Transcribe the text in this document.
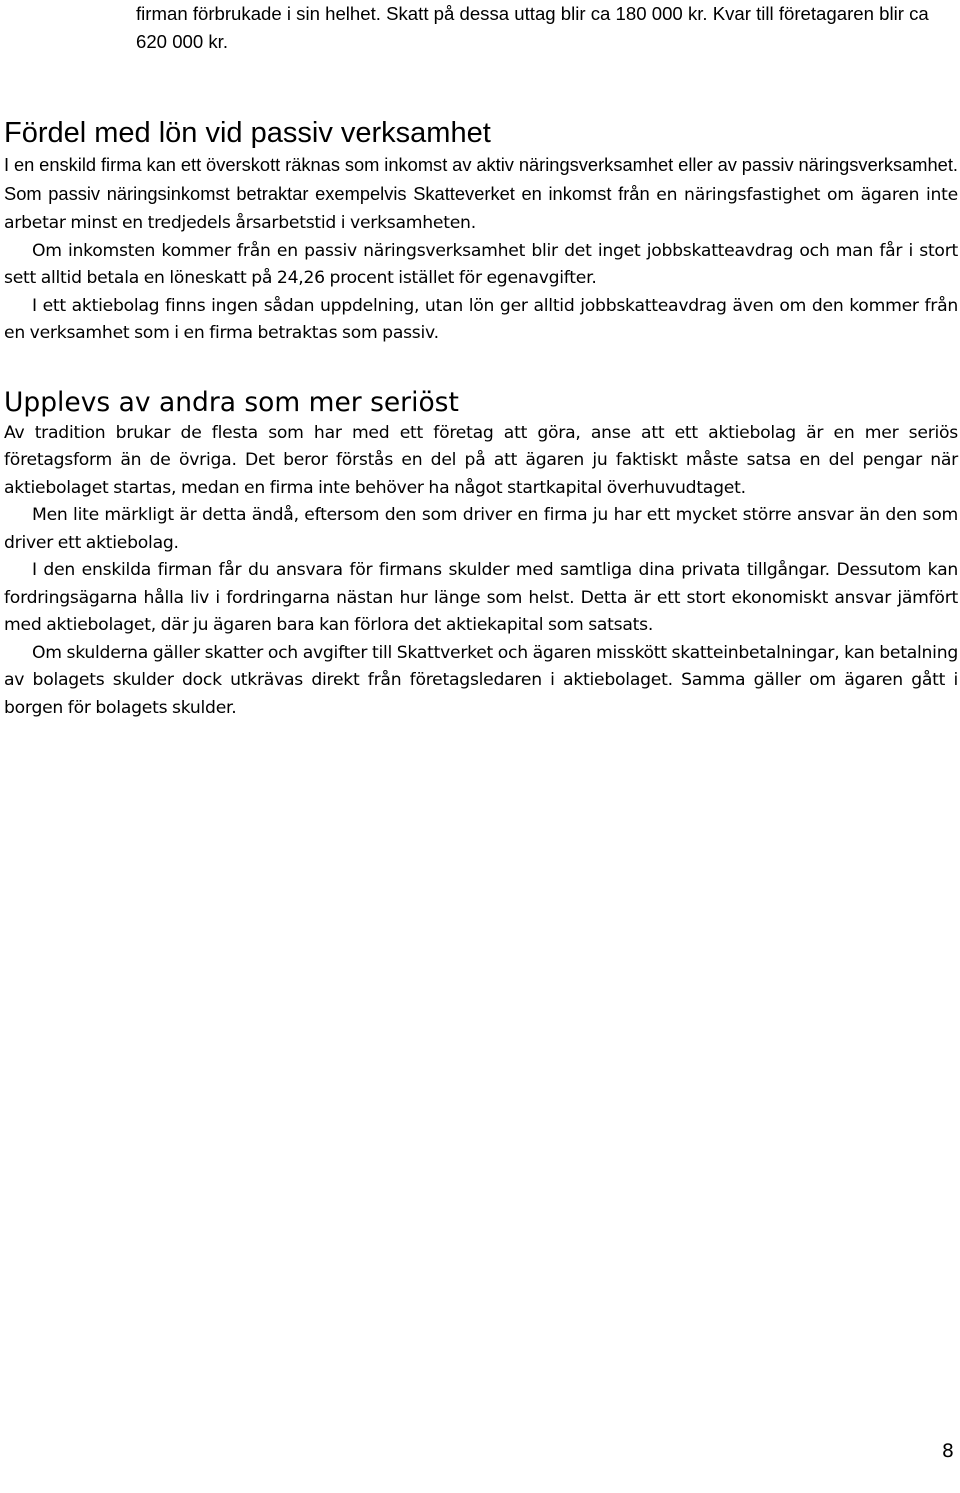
firman förbrukade i sin helhet. Skatt på dessa uttag blir ca 180 000 kr. Kvar till företagaren blir ca 620 000 kr.

Fördel med lön vid passiv verksamhet

I en enskild firma kan ett överskott räknas som inkomst av aktiv näringsverksamhet eller av passiv näringsverksamhet. Som passiv näringsinkomst betraktar exempelvis Skatteverket en inkomst från en näringsfastighet om ägaren inte arbetar minst en tredjedels årsarbetstid i verksamheten.

Om inkomsten kommer från en passiv näringsverksamhet blir det inget jobbskatteavdrag och man får i stort sett alltid betala en löneskatt på 24,26 procent istället för egenavgifter.

I ett aktiebolag finns ingen sådan uppdelning, utan lön ger alltid jobbskatteavdrag även om den kommer från en verksamhet som i en firma betraktas som passiv.

Upplevs av andra som mer seriöst

Av tradition brukar de flesta som har med ett företag att göra, anse att ett aktiebolag är en mer seriös företagsform än de övriga. Det beror förstås en del på att ägaren ju faktiskt måste satsa en del pengar när aktiebolaget startas, medan en firma inte behöver ha något startkapital överhuvudtaget.

Men lite märkligt är detta ändå, eftersom den som driver en firma ju har ett mycket större ansvar än den som driver ett aktiebolag.

I den enskilda firman får du ansvara för firmans skulder med samtliga dina privata tillgångar. Dessutom kan fordringsägarna hålla liv i fordringarna nästan hur länge som helst. Detta är ett stort ekonomiskt ansvar jämfört med aktiebolaget, där ju ägaren bara kan förlora det aktiekapital som satsats.

Om skulderna gäller skatter och avgifter till Skattverket och ägaren misskött skatteinbetalningar, kan betalning av bolagets skulder dock utkrävas direkt från företagsledaren i aktiebolaget. Samma gäller om ägaren gått i borgen för bolagets skulder.

8
